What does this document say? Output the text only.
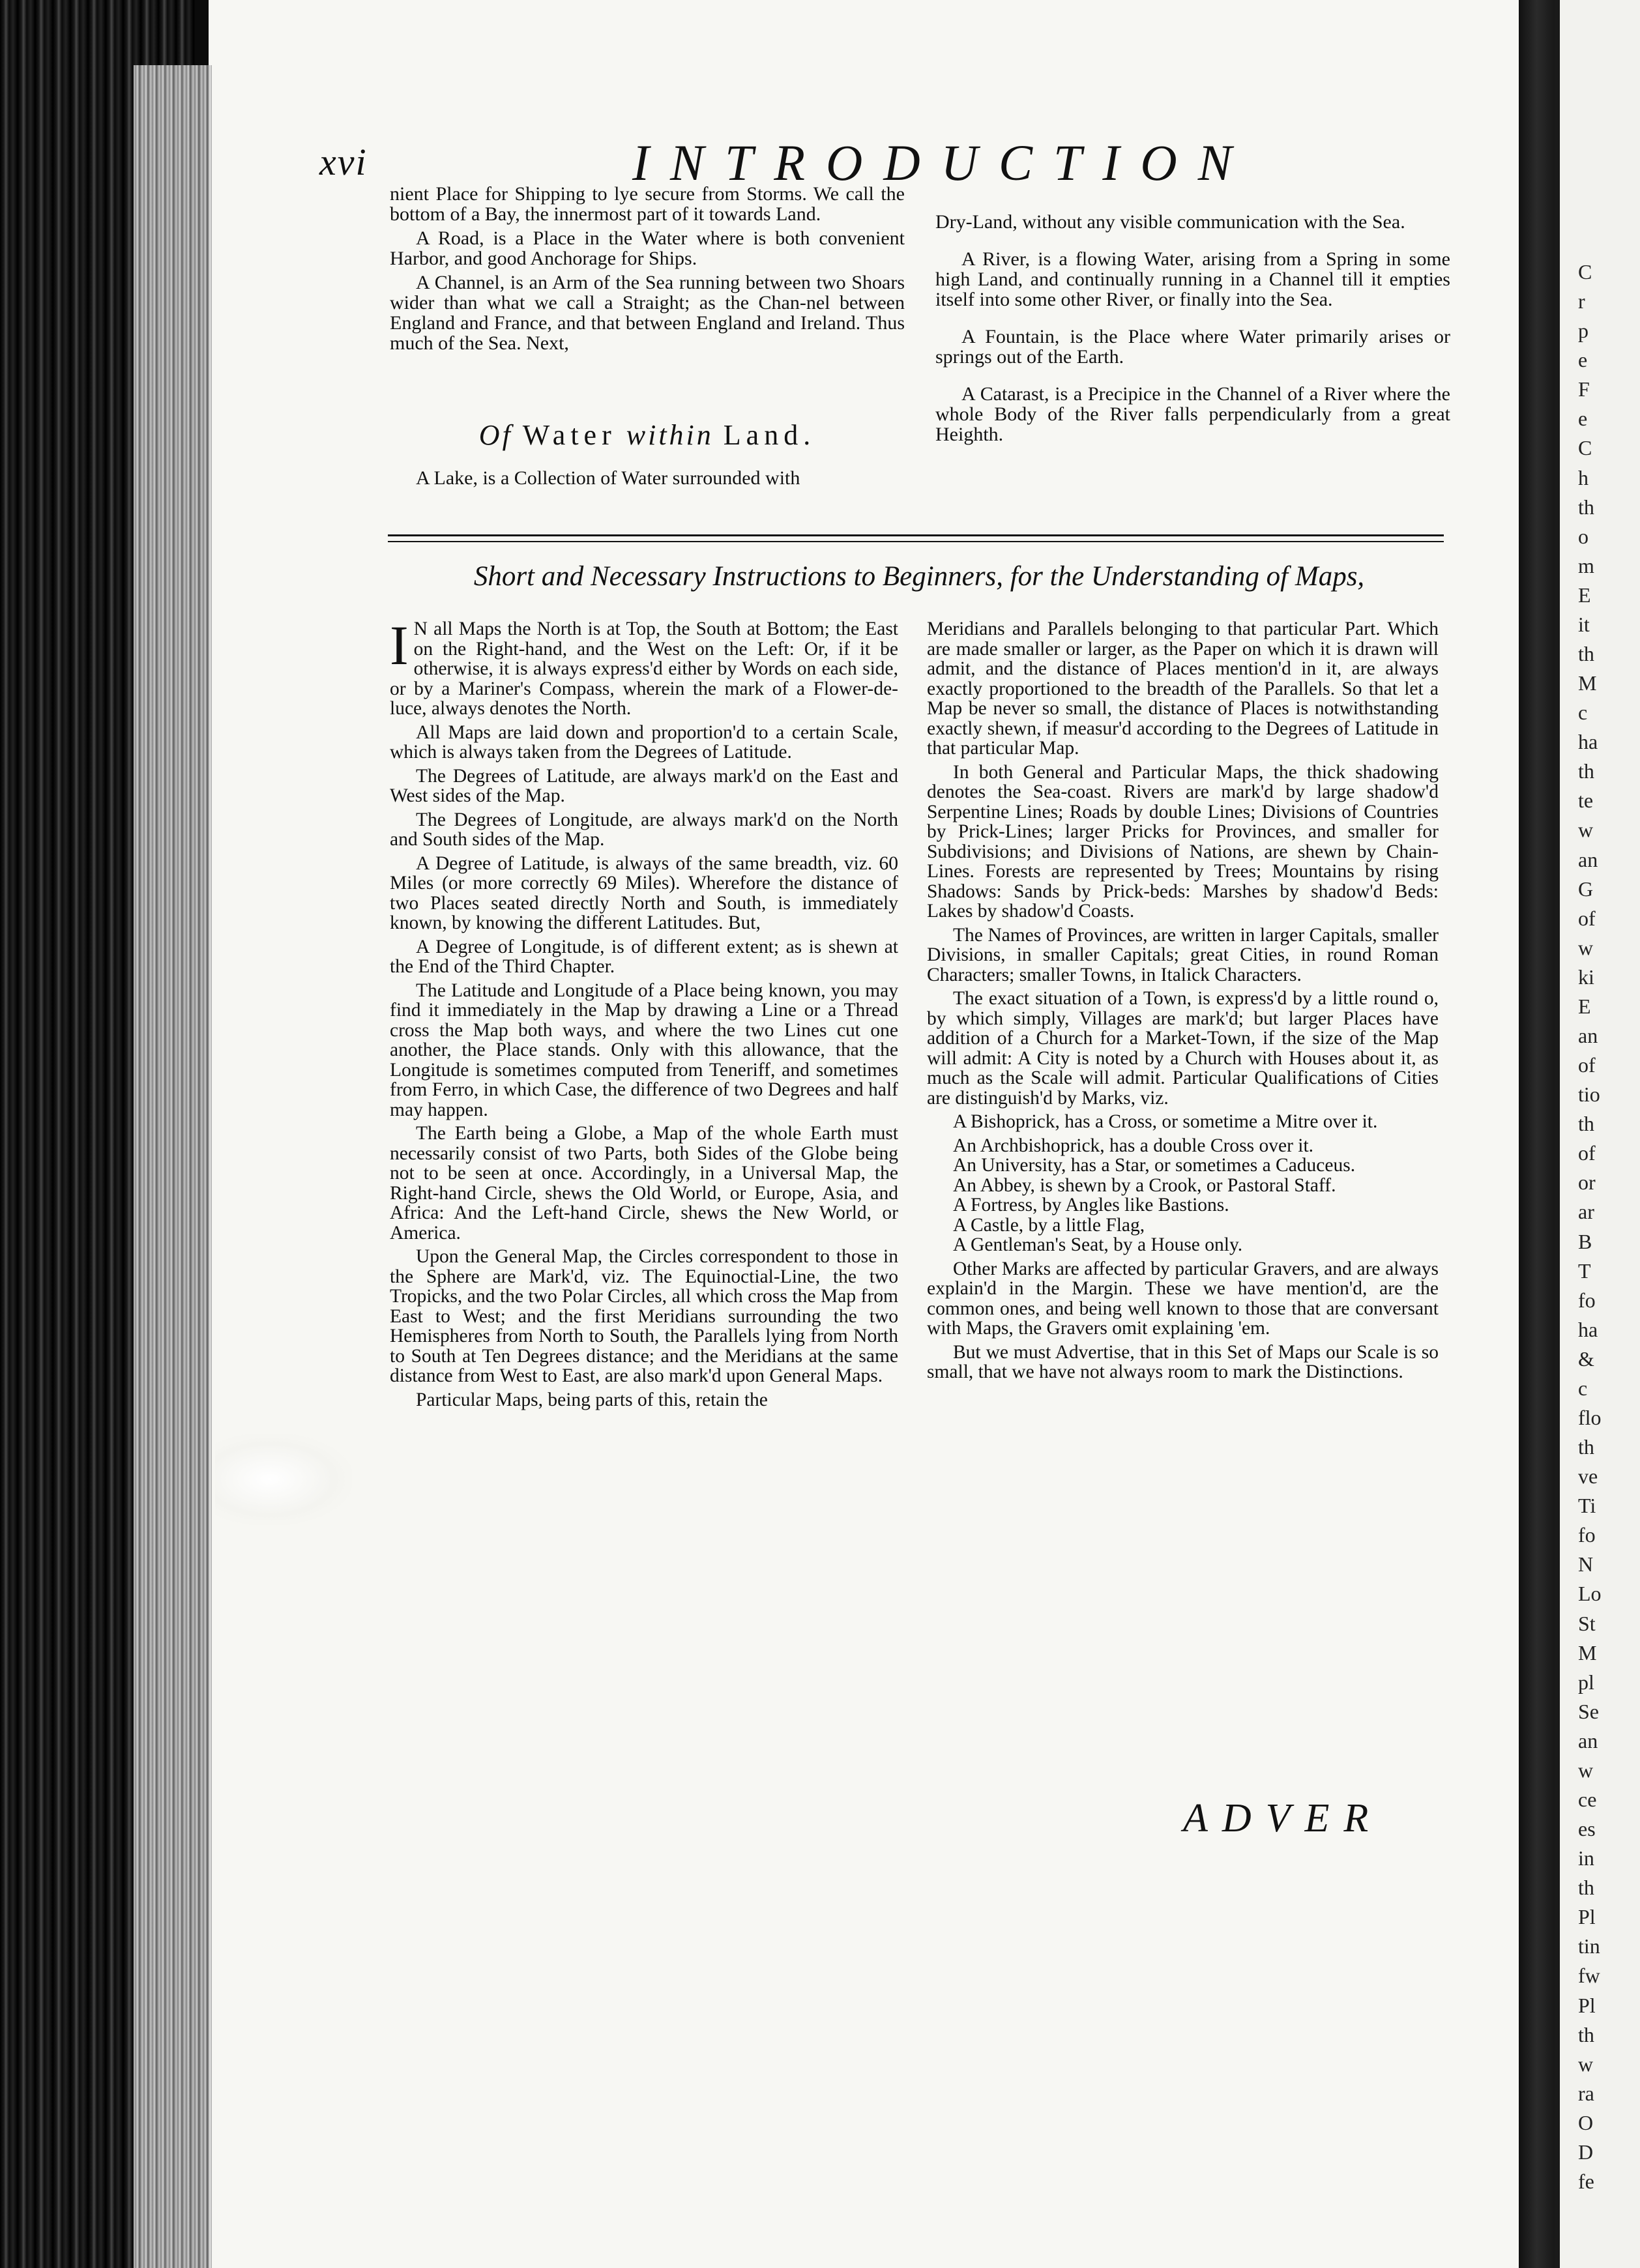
C
r
p
e
F
e
C
h
th
o
m
E
it
th
M
c
ha
th
te
w
an
G
of
w
ki
E
an
of
tio
th
of
or
ar
B
T
fo
ha
&
c
flo
th
ve
Ti
fo
N
Lo
St
M
pl
Se
an
w
ce
es
in
th
Pl
tin
fw
Pl
th
w
ra
O
D
fe
xvi	INTRODUCTION

nient Place for Shipping to lye secure from Storms. We call the bottom of a Bay, the innermost part of it towards Land.

A Road, is a Place in the Water where is both convenient Harbor, and good Anchorage for Ships.

A Channel, is an Arm of the Sea running between two Shoars wider than what we call a Straight; as the Chan-nel between England and France, and that between England and Ireland. Thus much of the Sea. Next,

Of Water within Land.

A Lake, is a Collection of Water surrounded with

Dry-Land, without any visible communication with the Sea.

A River, is a flowing Water, arising from a Spring in some high Land, and continually running in a Channel till it empties itself into some other River, or finally into the Sea.

A Fountain, is the Place where Water primarily arises or springs out of the Earth.

A Catarast, is a Precipice in the Channel of a River where the whole Body of the River falls perpendicularly from a great Heighth.

Short and Necessary Instructions to Beginners, for the Understanding of Maps,

I N all Maps the North is at Top, the South at Bottom; the East on the Right-hand, and the West on the Left: Or, if it be otherwise, it is always express'd either by Words on each side, or by a Mariner's Compass, wherein the mark of a Flower-de-luce, always denotes the North.

All Maps are laid down and proportion'd to a certain Scale, which is always taken from the Degrees of Latitude.

The Degrees of Latitude, are always mark'd on the East and West sides of the Map.

The Degrees of Longitude, are always mark'd on the North and South sides of the Map.

A Degree of Latitude, is always of the same breadth, viz. 60 Miles (or more correctly 69 Miles). Wherefore the distance of two Places seated directly North and South, is immediately known, by knowing the different Latitudes. But,

A Degree of Longitude, is of different extent; as is shewn at the End of the Third Chapter.

The Latitude and Longitude of a Place being known, you may find it immediately in the Map by drawing a Line or a Thread cross the Map both ways, and where the two Lines cut one another, the Place stands. Only with this allowance, that the Longitude is sometimes computed from Teneriff, and sometimes from Ferro, in which Case, the difference of two Degrees and half may happen.

The Earth being a Globe, a Map of the whole Earth must necessarily consist of two Parts, both Sides of the Globe being not to be seen at once. Accordingly, in a Universal Map, the Right-hand Circle, shews the Old World, or Europe, Asia, and Africa: And the Left-hand Circle, shews the New World, or America.

Upon the General Map, the Circles correspondent to those in the Sphere are Mark'd, viz. The Equinoctial-Line, the two Tropicks, and the two Polar Circles, all which cross the Map from East to West; and the first Meridians surrounding the two Hemispheres from North to South, the Parallels lying from North to South at Ten Degrees distance; and the Meridians at the same distance from West to East, are also mark'd upon General Maps.

Particular Maps, being parts of this, retain the

Meridians and Parallels belonging to that particular Part. Which are made smaller or larger, as the Paper on which it is drawn will admit, and the distance of Places mention'd in it, are always exactly proportioned to the breadth of the Parallels. So that let a Map be never so small, the distance of Places is notwithstanding exactly shewn, if measur'd according to the Degrees of Latitude in that particular Map.

In both General and Particular Maps, the thick shadowing denotes the Sea-coast. Rivers are mark'd by large shadow'd Serpentine Lines; Roads by double Lines; Divisions of Countries by Prick-Lines; larger Pricks for Provinces, and smaller for Subdivisions; and Divisions of Nations, are shewn by Chain-Lines. Forests are represented by Trees; Mountains by rising Shadows: Sands by Prick-beds: Marshes by shadow'd Beds: Lakes by shadow'd Coasts.

The Names of Provinces, are written in larger Capitals, smaller Divisions, in smaller Capitals; great Cities, in round Roman Characters; smaller Towns, in Italick Characters.

The exact situation of a Town, is express'd by a little round o, by which simply, Villages are mark'd; but larger Places have addition of a Church for a Market-Town, if the size of the Map will admit: A City is noted by a Church with Houses about it, as much as the Scale will admit. Particular Qualifications of Cities are distinguish'd by Marks, viz.

A Bishoprick, has a Cross, or sometime a Mitre over it.

An Archbishoprick, has a double Cross over it.

An University, has a Star, or sometimes a Caduceus.

An Abbey, is shewn by a Crook, or Pastoral Staff.

A Fortress, by Angles like Bastions.

A Castle, by a little Flag,

A Gentleman's Seat, by a House only.

Other Marks are affected by particular Gravers, and are always explain'd in the Margin. These we have mention'd, are the common ones, and being well known to those that are conversant with Maps, the Gravers omit explaining 'em.

But we must Advertise, that in this Set of Maps our Scale is so small, that we have not always room to mark the Distinctions.

ADVER
